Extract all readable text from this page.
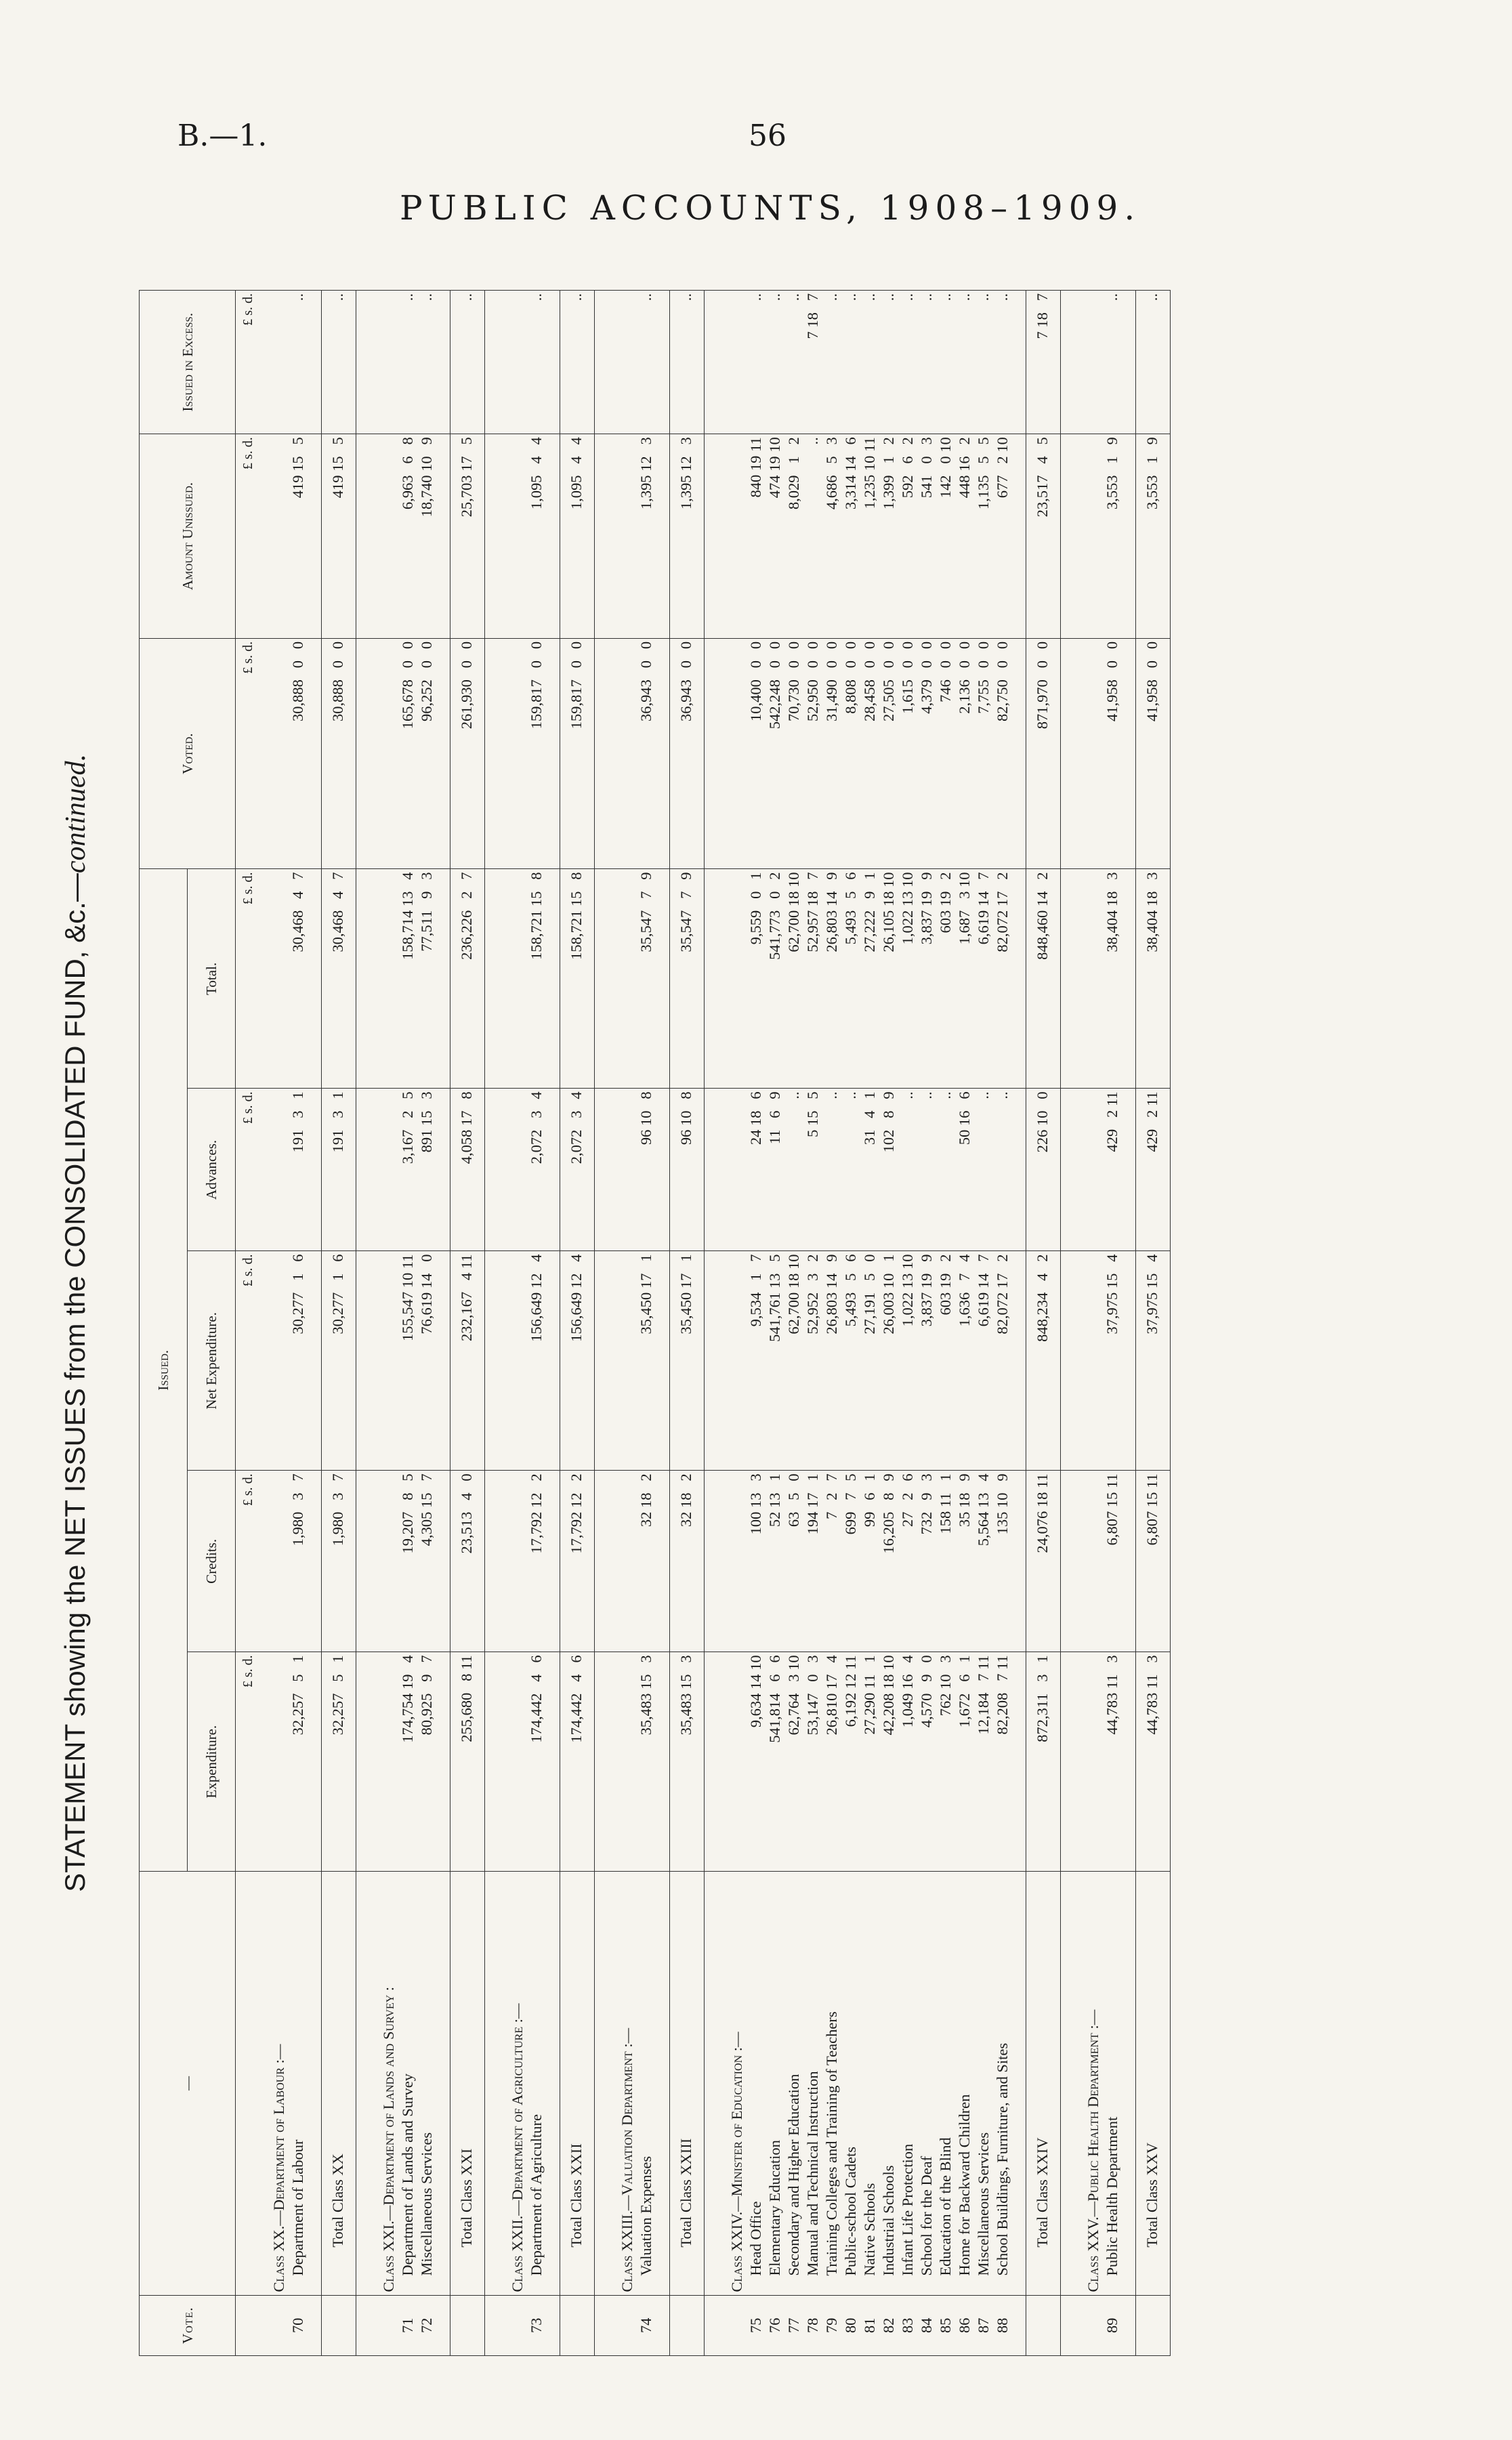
B.—1.	56
PUBLIC ACCOUNTS, 1908–1909.
STATEMENT showing the NET ISSUES from the CONSOLIDATED FUND, &c.—continued.
Vote.	—	Issued.					Voted.	Amount Unissued.	Issued in Excess.
		Expenditure.	Credits.	Net Expenditure.	Advances.	Total.			
		£ s. d.	£ s. d.	£ s. d.	£ s. d.	£ s. d.	£ s. d.	£ s. d.	£ s. d.
	Class XX.—Department of Labour :—								
70	Department of Labour	32,257   5   1	1,980   3   7	30,277   1   6	191   3   1	30,468   4   7	30,888   0   0	419 15   5	..

	Total Class XX	32,257   5   1	1,980   3   7	30,277   1   6	191   3   1	30,468   4   7	30,888   0   0	419 15   5	..

	Class XXI.—Department of Lands and Survey :								
71	Department of Lands and Survey	174,754 19   4	19,207   8   5	155,547 10 11	3,167   2   5	158,714 13   4	165,678   0   0	6,963   6   8	..
72	Miscellaneous Services	80,925   9   7	4,305 15   7	76,619 14   0	891 15   3	77,511   9   3	96,252   0   0	18,740 10   9	..

	Total Class XXI	255,680   8 11	23,513   4   0	232,167   4 11	4,058 17   8	236,226   2   7	261,930   0   0	25,703 17   5	..

	Class XXII.—Department of Agriculture :—								
73	Department of Agriculture	174,442   4   6	17,792 12   2	156,649 12   4	2,072   3   4	158,721 15   8	159,817   0   0	1,095   4   4	..

	Total Class XXII	174,442   4   6	17,792 12   2	156,649 12   4	2,072   3   4	158,721 15   8	159,817   0   0	1,095   4   4	..

	Class XXIII.—Valuation Department :—								
74	Valuation Expenses	35,483 15   3	32 18   2	35,450 17   1	96 10   8	35,547   7   9	36,943   0   0	1,395 12   3	..

	Total Class XXIII	35,483 15   3	32 18   2	35,450 17   1	96 10   8	35,547   7   9	36,943   0   0	1,395 12   3	..

	Class XXIV.—Minister of Education :—								
75	Head Office	9,634 14 10	100 13   3	9,534   1   7	24 18   6	9,559   0   1	10,400   0   0	840 19 11	..
76	Elementary Education	541,814   6   6	52 13   1	541,761 13   5	11   6   9	541,773   0   2	542,248   0   0	474 19 10	..
77	Secondary and Higher Education	62,764   3 10	63   5   0	62,700 18 10	..	62,700 18 10	70,730   0   0	8,029   1   2	..
78	Manual and Technical Instruction	53,147   0   3	194 17   1	52,952   3   2	5 15   5	52,957 18   7	52,950   0   0	..	7 18   7
79	Training Colleges and Training of Teachers	26,810 17   4	7   2   7	26,803 14   9	..	26,803 14   9	31,490   0   0	4,686   5   3	..
80	Public-school Cadets	6,192 12 11	699   7   5	5,493   5   6	..	5,493   5   6	8,808   0   0	3,314 14   6	..
81	Native Schools	27,290 11   1	99   6   1	27,191   5   0	31   4   1	27,222   9   1	28,458   0   0	1,235 10 11	..
82	Industrial Schools	42,208 18 10	16,205   8   9	26,003 10   1	102   8   9	26,105 18 10	27,505   0   0	1,399   1   2	..
83	Infant Life Protection	1,049 16   4	27   2   6	1,022 13 10	..	1,022 13 10	1,615   0   0	592   6   2	..
84	School for the Deaf	4,570   9   0	732   9   3	3,837 19   9	..	3,837 19   9	4,379   0   0	541   0   3	..
85	Education of the Blind	762 10   3	158 11   1	603 19   2	..	603 19   2	746   0   0	142   0 10	..
86	Home for Backward Children	1,672   6   1	35 18   9	1,636   7   4	50 16   6	1,687   3 10	2,136   0   0	448 16   2	..
87	Miscellaneous Services	12,184   7 11	5,564 13   4	6,619 14   7	..	6,619 14   7	7,755   0   0	1,135   5   5	..
88	School Buildings, Furniture, and Sites	82,208   7 11	135 10   9	82,072 17   2	..	82,072 17   2	82,750   0   0	677   2 10	..

	Total Class XXIV	872,311   3   1	24,076 18 11	848,234   4   2	226 10   0	848,460 14   2	871,970   0   0	23,517   4   5	7 18   7

	Class XXV.—Public Health Department :—								
89	Public Health Department	44,783 11   3	6,807 15 11	37,975 15   4	429   2 11	38,404 18   3	41,958   0   0	3,553   1   9	..

	Total Class XXV	44,783 11   3	6,807 15 11	37,975 15   4	429   2 11	38,404 18   3	41,958   0   0	3,553   1   9	..
